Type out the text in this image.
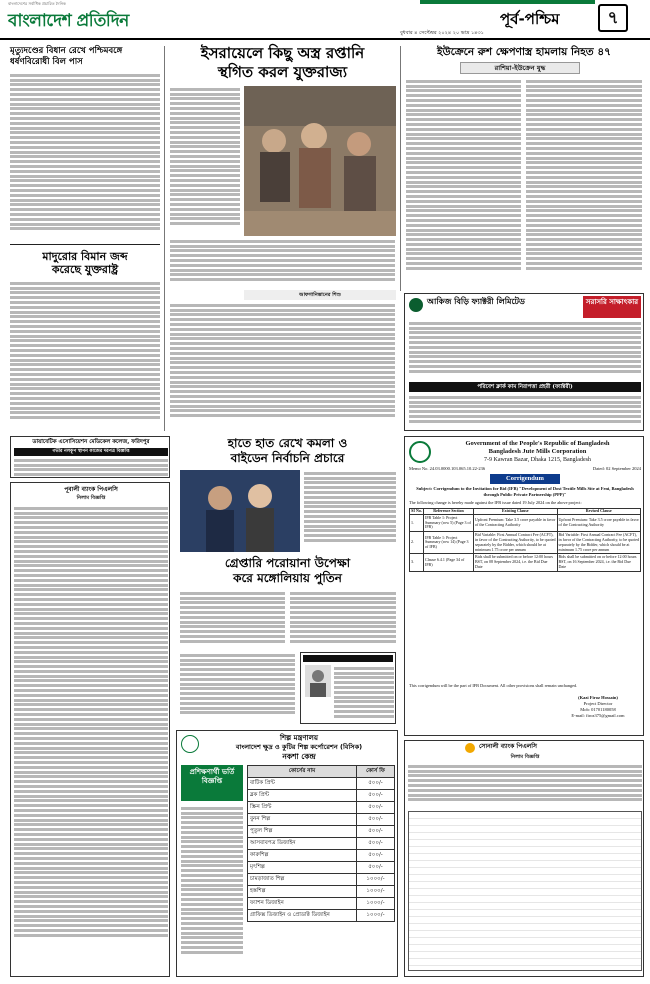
বাংলাদেশের সর্বাধিক প্রচারিত দৈনিক
বাংলাদেশ প্রতিদিন	পূর্ব-পশ্চিম	৭
বুধবার ৪ সেপ্টেম্বর ২০২৪ ২০ ভাদ্র ১৪৩১
মৃত্যুদণ্ডের বিধান রেখে পশ্চিমবঙ্গে ধর্ষণবিরোধী বিল পাস
মাদুরোর বিমান জব্দ
করেছে যুক্তরাষ্ট্র
ইসরায়েলে কিছু অস্ত্র রপ্তানি
স্থগিত করল যুক্তরাজ্য
আফগানিস্তানের শিশু
ইউক্রেনে রুশ ক্ষেপণাস্ত্র হামলায় নিহত ৪৭
রাশিয়া-ইউক্রেন যুদ্ধ
আকিজ বিড়ি ফ্যাক্টরী লিমিটেড	সরাসরি সাক্ষাৎকার
পরিবেশ ক্লার্ক কাম নিরাপত্তা প্রহরী (ফ্যাক্টরী)
ডায়াবেটিক এসোসিয়েশন মেডিকেল কলেজ, ফরিদপুর
গভীর নলকূপ স্থাপন কাজের দরপত্র বিজ্ঞপ্তি
হাতে হাত রেখে কমলা ও
বাইডেন নির্বাচনি প্রচারে
গ্রেপ্তারি পরোয়ানা উপেক্ষা
করে মঙ্গোলিয়ায় পুতিন
পূবালী ব্যাংক পিএলসি
নিলাম বিজ্ঞপ্তি
Government of the People's Republic of Bangladesh
Bangladesh Jute Mills Corporation
7-9 Kawran Bazar, Dhaka 1215, Bangladesh
Memo No. 24.03.0000.103.065.10.22-236	Dated: 02 September 2024
Corrigendum
Subject: Corrigendum to the Invitation for Bid (IFB) "Development of Dost Textile Mills Site at Feni, Bangladesh through Public Private Partnership (PPP)"
The following change is hereby made against the IFB issue dated 19 July 2024 on the above project:
SI No.	Reference Section	Existing Clause	Revised Clause
1.	IFB Table 1: Project Summary (row 5) (Page 3 of IFB)	Upfront Premium: Take 3.5 crore payable in favor of the Contracting Authority	Upfront Premium: Take 3.5 crore payable in favor of the Contracting Authority
2.	IFB Table 1: Project Summary (row 14) (Page 3 of IFB)	Bid Variable: First Annual Contract Fee (ACFT), in favor of the Contracting Authority, to be quoted separately by the Bidder, which should be at minimum 1.75 crore per annum	Bid Variable: First Annual Contract Fee (ACFT), in favor of the Contracting Authority, to be quoted separately by the Bidder, which should be at minimum 1.75 crore per annum
3.	Clause 6.4.1 (Page 34 of IFB)	Bids shall be submitted on or before 12:00 hours BST, on 08 September 2024, i.e. the Bid Due Date	Bids shall be submitted on or before 12:00 hours BST, on 16 September 2024, i.e. the Bid Due Date
This corrigendum will be the part of IFB Document. All other provisions shall remain unchanged.
(Kazi Firoz Hossain)
Project Director
Mob: 01701180058
E-mail: firoz375@gmail.com
সোনালী ব্যাংক পিএলসি
নিলাম বিজ্ঞপ্তি
শিল্প মন্ত্রণালয়
বাংলাদেশ ক্ষুদ্র ও কুটির শিল্প কর্পোরেশন (বিসিক)
নকশা কেন্দ্র
প্রশিক্ষণার্থী ভর্তি বিজ্ঞপ্তি
কোর্সের নাম	কোর্স ফি
বাটিক প্রিন্ট	৫০০/-
ব্লক প্রিন্ট	৫০০/-
স্ক্রিন প্রিন্ট	৫০০/-
বুনন শিল্প	৫০০/-
পুতুল শিল্প	৫০০/-
আসবাবপত্র ডিজাইন	৫০০/-
কারুশিল্প	৫০০/-
মৃৎশিল্প	৫০০/-
চামড়াজাত শিল্প	১০০০/-
হস্তশিল্প	১০০০/-
ফ্যাশন ডিজাইন	১০০০/-
গ্রাফিক্স ডিজাইন ও প্রোডাক্ট ডিজাইন	১০০০/-
